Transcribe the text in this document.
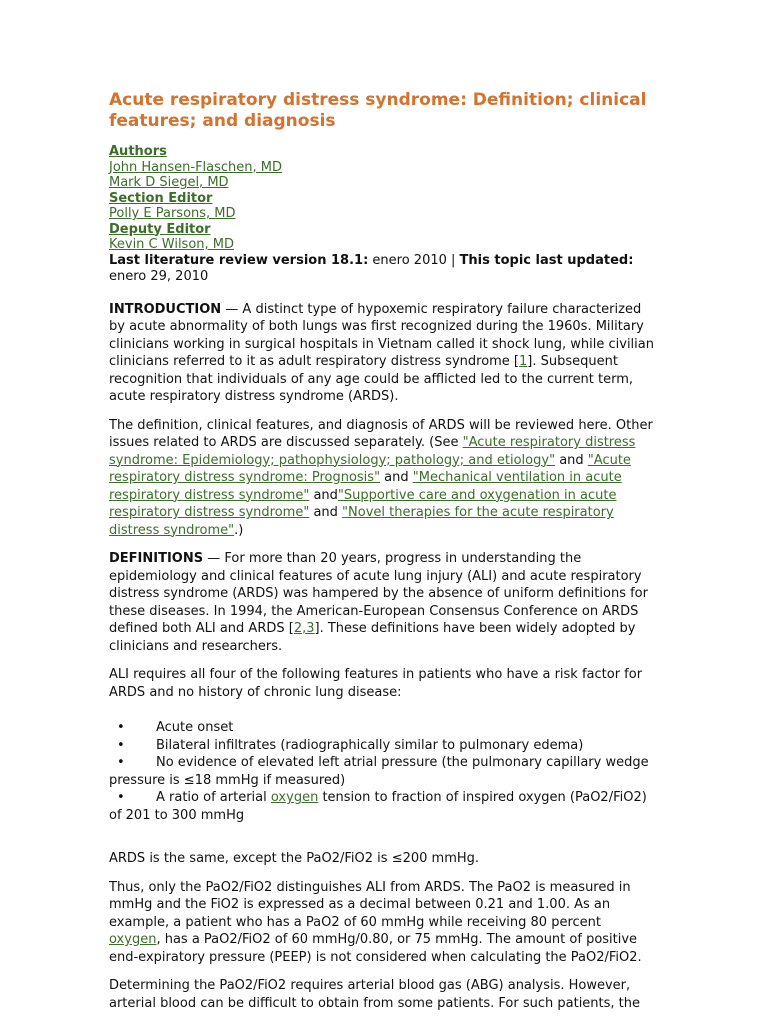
Acute respiratory distress syndrome: Definition; clinical features; and diagnosis
Authors
John Hansen-Flaschen, MD
Mark D Siegel, MD
Section Editor
Polly E Parsons, MD
Deputy Editor
Kevin C Wilson, MD
Last literature review version 18.1: enero 2010 | This topic last updated: enero 29, 2010

INTRODUCTION — A distinct type of hypoxemic respiratory failure characterized by acute abnormality of both lungs was first recognized during the 1960s. Military clinicians working in surgical hospitals in Vietnam called it shock lung, while civilian clinicians referred to it as adult respiratory distress syndrome [1]. Subsequent recognition that individuals of any age could be afflicted led to the current term, acute respiratory distress syndrome (ARDS).

The definition, clinical features, and diagnosis of ARDS will be reviewed here. Other issues related to ARDS are discussed separately. (See "Acute respiratory distress syndrome: Epidemiology; pathophysiology; pathology; and etiology" and "Acute respiratory distress syndrome: Prognosis" and "Mechanical ventilation in acute respiratory distress syndrome" and"Supportive care and oxygenation in acute respiratory distress syndrome" and "Novel therapies for the acute respiratory distress syndrome".)

DEFINITIONS — For more than 20 years, progress in understanding the epidemiology and clinical features of acute lung injury (ALI) and acute respiratory distress syndrome (ARDS) was hampered by the absence of uniform definitions for these diseases. In 1994, the American-European Consensus Conference on ARDS defined both ALI and ARDS [2,3]. These definitions have been widely adopted by clinicians and researchers.

ALI requires all four of the following features in patients who have a risk factor for ARDS and no history of chronic lung disease:

• Acute onset
• Bilateral infiltrates (radiographically similar to pulmonary edema)
• No evidence of elevated left atrial pressure (the pulmonary capillary wedge pressure is ≤18 mmHg if measured)
• A ratio of arterial oxygen tension to fraction of inspired oxygen (PaO2/FiO2) of 201 to 300 mmHg

ARDS is the same, except the PaO2/FiO2 is ≤200 mmHg.

Thus, only the PaO2/FiO2 distinguishes ALI from ARDS. The PaO2 is measured in mmHg and the FiO2 is expressed as a decimal between 0.21 and 1.00. As an example, a patient who has a PaO2 of 60 mmHg while receiving 80 percent oxygen, has a PaO2/FiO2 of 60 mmHg/0.80, or 75 mmHg. The amount of positive end-expiratory pressure (PEEP) is not considered when calculating the PaO2/FiO2.

Determining the PaO2/FiO2 requires arterial blood gas (ABG) analysis. However, arterial blood can be difficult to obtain from some patients. For such patients, the
